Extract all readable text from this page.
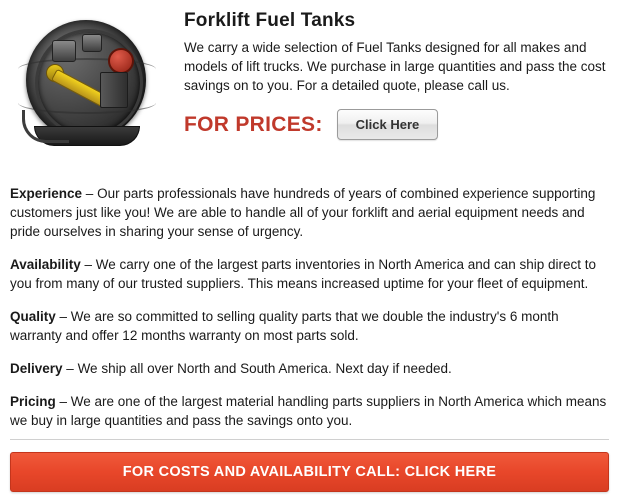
Forklift Fuel Tanks

We carry a wide selection of Fuel Tanks designed for all makes and models of lift trucks. We purchase in large quantities and pass the cost savings on to you. For a detailed quote, please call us.

FOR PRICES:	Click Here

Experience – Our parts professionals have hundreds of years of combined experience supporting customers just like you! We are able to handle all of your forklift and aerial equipment needs and pride ourselves in sharing your sense of urgency.

Availability – We carry one of the largest parts inventories in North America and can ship direct to you from many of our trusted suppliers. This means increased uptime for your fleet of equipment.

Quality – We are so committed to selling quality parts that we double the industry's 6 month warranty and offer 12 months warranty on most parts sold.

Delivery – We ship all over North and South America. Next day if needed.

Pricing – We are one of the largest material handling parts suppliers in North America which means we buy in large quantities and pass the savings onto you.

FOR COSTS AND AVAILABILITY CALL: CLICK HERE
